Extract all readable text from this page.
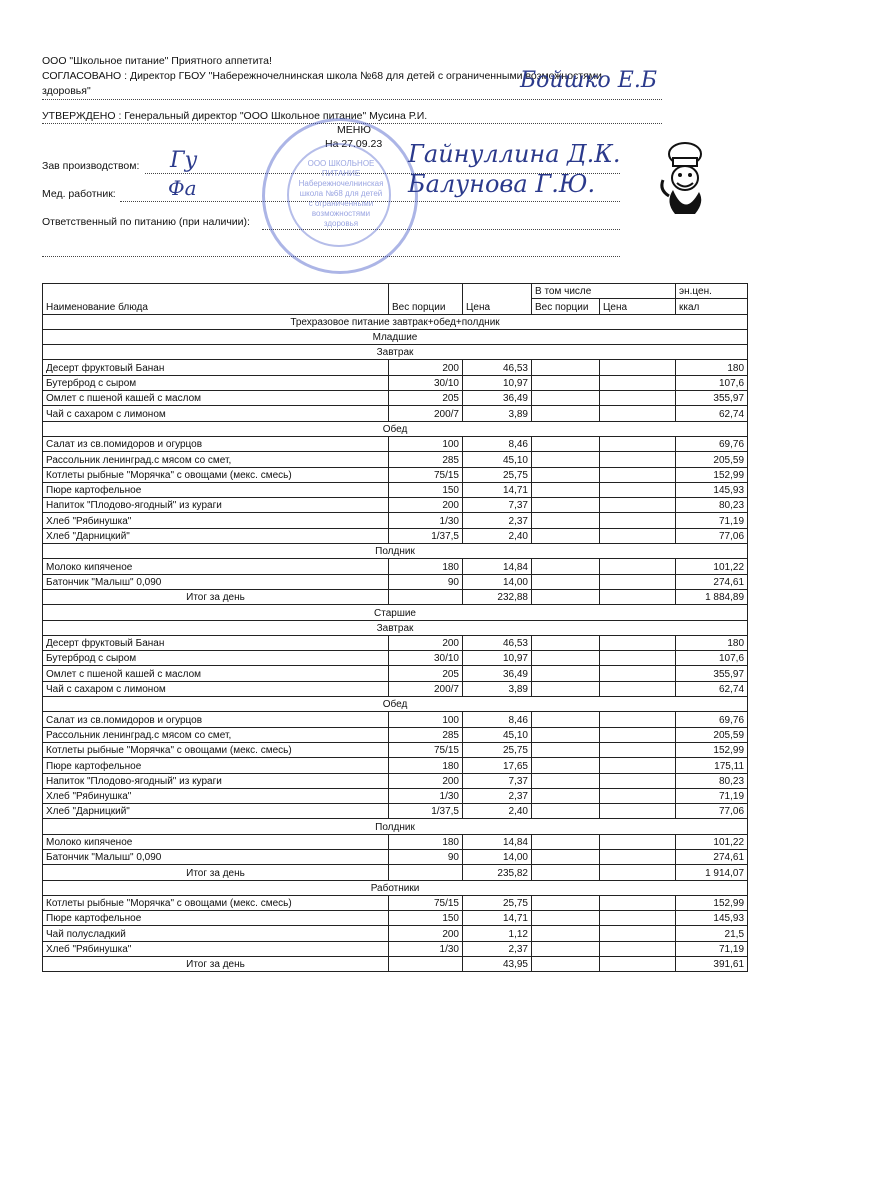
ООО "Школьное питание" Приятного аппетита!
СОГЛАСОВАНО : Директор ГБОУ "Набережночелнинская школа №68 для детей с ограниченными возможностями
здоровья"
УТВЕРЖДЕНО : Генеральный директор "ООО Школьное питание" Мусина Р.И.
МЕНЮ
На 27.09.23
Зав производством:
Мед. работник:
Ответственный по питанию (при наличии):
ООО ШКОЛЬНОЕ ПИТАНИЕ
Набережночелнинская
школа №68 для детей
с ограниченными
возможностями
здоровья
Бойшко Е.Б
Гу
Фа
Гайнуллина Д.К.
Балунова Г.Ю.
Наименование блюда	Вес порции	Цена	В том числе		эн.цен.
			Вес порции	Цена	ккал
Трехразовое питание завтрак+обед+полдник					
Младшие					
Завтрак					
Десерт фруктовый Банан	200	46,53			180
Бутерброд с сыром	30/10	10,97			107,6
Омлет с пшеной кашей с маслом	205	36,49			355,97
Чай с сахаром с лимоном	200/7	3,89			62,74
Обед					
Салат из св.помидоров и огурцов	100	8,46			69,76
Рассольник ленинград.с мясом со смет,	285	45,10			205,59
Котлеты рыбные "Морячка" с овощами (мекс. смесь)	75/15	25,75			152,99
Пюре картофельное	150	14,71			145,93
Напиток "Плодово-ягодный" из кураги	200	7,37			80,23
Хлеб "Рябинушка"	1/30	2,37			71,19
Хлеб "Дарницкий"	1/37,5	2,40			77,06
Полдник					
Молоко кипяченое	180	14,84			101,22
Батончик "Малыш" 0,090	90	14,00			274,61
Итог за день		232,88			1 884,89
Старшие					
Завтрак					
Десерт фруктовый Банан	200	46,53			180
Бутерброд с сыром	30/10	10,97			107,6
Омлет с пшеной кашей с маслом	205	36,49			355,97
Чай с сахаром с лимоном	200/7	3,89			62,74
Обед					
Салат из св.помидоров и огурцов	100	8,46			69,76
Рассольник ленинград.с мясом со смет,	285	45,10			205,59
Котлеты рыбные "Морячка" с овощами (мекс. смесь)	75/15	25,75			152,99
Пюре картофельное	180	17,65			175,11
Напиток "Плодово-ягодный" из кураги	200	7,37			80,23
Хлеб "Рябинушка"	1/30	2,37			71,19
Хлеб "Дарницкий"	1/37,5	2,40			77,06
Полдник					
Молоко кипяченое	180	14,84			101,22
Батончик "Малыш" 0,090	90	14,00			274,61
Итог за день		235,82			1 914,07
Работники					
Котлеты рыбные "Морячка" с овощами (мекс. смесь)	75/15	25,75			152,99
Пюре картофельное	150	14,71			145,93
Чай полусладкий	200	1,12			21,5
Хлеб "Рябинушка"	1/30	2,37			71,19
Итог за день		43,95			391,61
